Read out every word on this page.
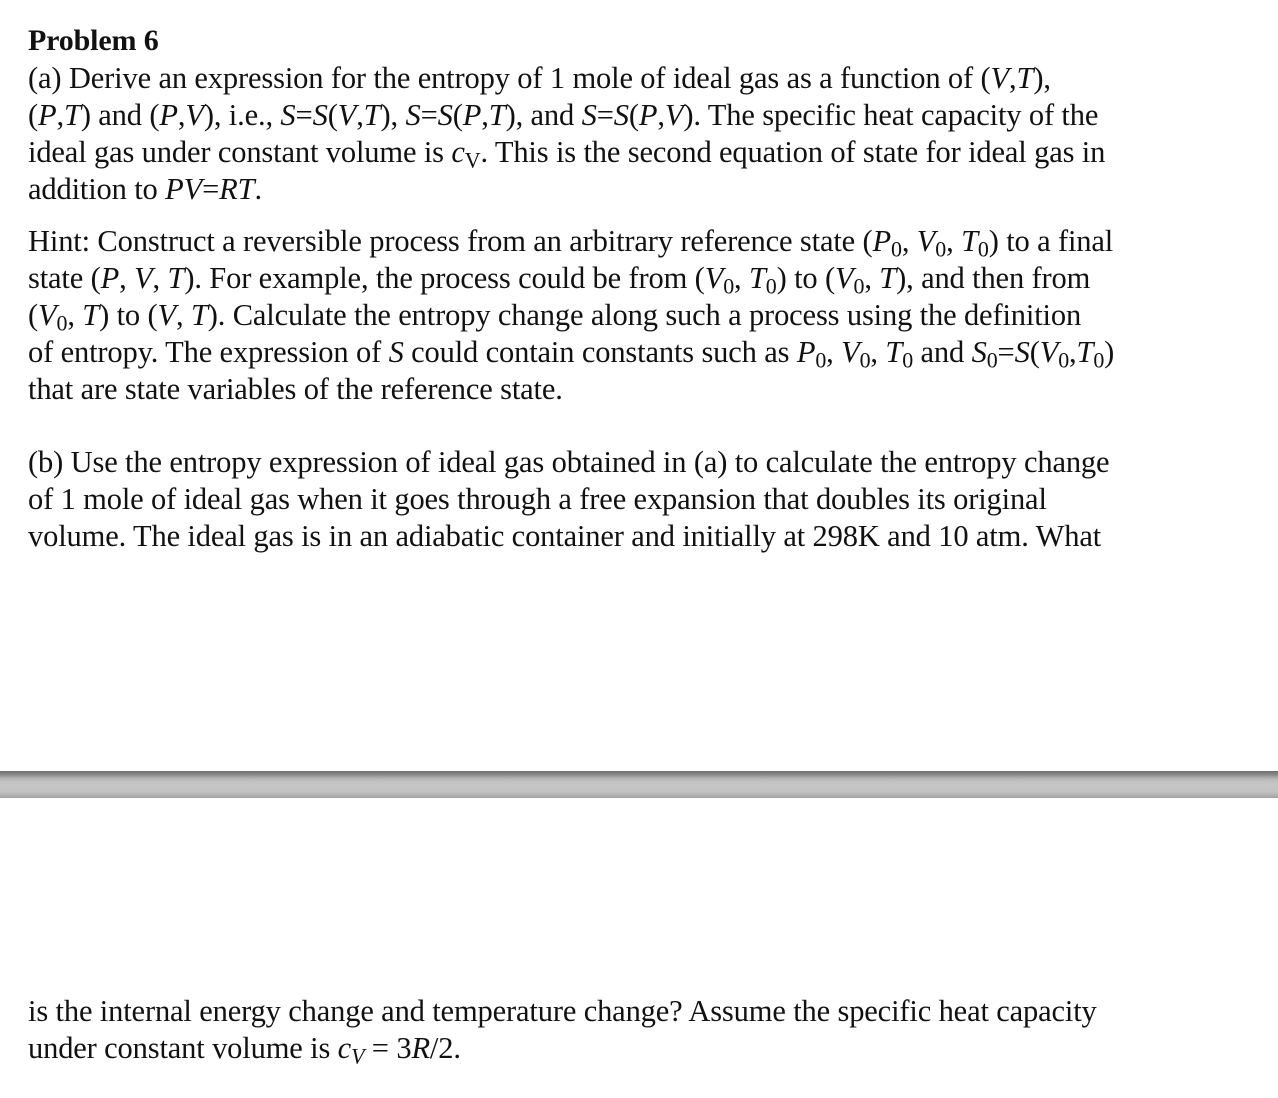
Problem 6
(a) Derive an expression for the entropy of 1 mole of ideal gas as a function of (V,T),
(P,T) and (P,V), i.e., S=S(V,T), S=S(P,T), and S=S(P,V). The specific heat capacity of the
ideal gas under constant volume is $c_V$. This is the second equation of state for ideal gas in
addition to PV=RT.
Hint: Construct a reversible process from an arbitrary reference state ($P_0$, $V_0$, $T_0$) to a final
state (P, V, T). For example, the process could be from ($V_0$, $T_0$) to ($V_0$, T), and then from
($V_0$, T) to (V, T). Calculate the entropy change along such a process using the definition
of entropy. The expression of S could contain constants such as $P_0$, $V_0$, $T_0$ and $S_0=S(V_0,T_0)$
that are state variables of the reference state.
(b) Use the entropy expression of ideal gas obtained in (a) to calculate the entropy change
of 1 mole of ideal gas when it goes through a free expansion that doubles its original
volume. The ideal gas is in an adiabatic container and initially at 298K and 10 atm. What
is the internal energy change and temperature change? Assume the specific heat capacity
under constant volume is $c_V = 3R/2$.
